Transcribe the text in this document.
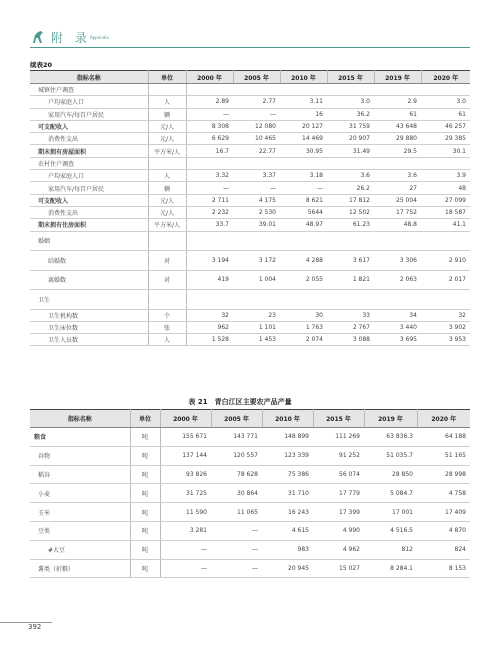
附 录 Appendix
续表20
指标名称	单位	2000 年	2005 年	2010 年	2015 年	2019 年	2020 年
城镇住户调查							
户均家庭人口	人	2.89	2.77	3.11	3.0	2.9	3.0
家用汽车/每百户居民	辆	—	—	16	36.2	61	61
可支配收入	元/人	8 308	12 080	20 127	31 759	43 648	46 257
消费性支出	元/人	6 629	10 465	14 469	20 907	29 880	29 385
期末拥有房屋面积	平方米/人	16.7	22.77	30.95	31.49	29.5	30.1
农村住户调查							
户均家庭人口	人	3.32	3.37	3.18	3.6	3.6	3.9
家用汽车/每百户居民	辆	—	—	—	26.2	27	48
可支配收入	元/人	2 711	4 175	8 621	17 812	25 004	27 099
消费性支出	元/人	2 232	2 530	5644	12 502	17 752	18 587
期末拥有住房面积	平方米/人	33.7	39.01	48.97	61.23	48.8	41.1
婚姻							
结婚数	对	3 194	3 172	4 288	3 617	3 306	2 910
离婚数	对	419	1 004	2 055	1 821	2 063	2 017
卫生							
卫生机构数	个	32	23	30	33	34	32
卫生床位数	张	962	1 101	1 763	2 767	3 440	3 902
卫生人员数	人	1 528	1 453	2 074	3 088	3 695	3 953
表 21　青白江区主要农产品产量
指标名称	单位	2000 年	2005 年	2010 年	2015 年	2019 年	2020 年
粮食	吨	155 671	143 771	148 899	111 269	63 836.3	64 188
谷物	吨	137 144	120 557	123 339	91 252	51 035.7	51 165
稻谷	吨	93 826	78 628	75 386	56 074	28 850	28 998
小麦	吨	31 725	30 864	31 710	17 779	5 084.7	4 758
玉米	吨	11 590	11 065	16 243	17 399	17 001	17 409
豆类	吨	3 281	—	4 615	4 990	4 516.5	4 870
#大豆	吨	—	—	983	4 962	812	824
薯类（折粮）	吨	—	—	20 945	15 027	8 284.1	8 153
392
